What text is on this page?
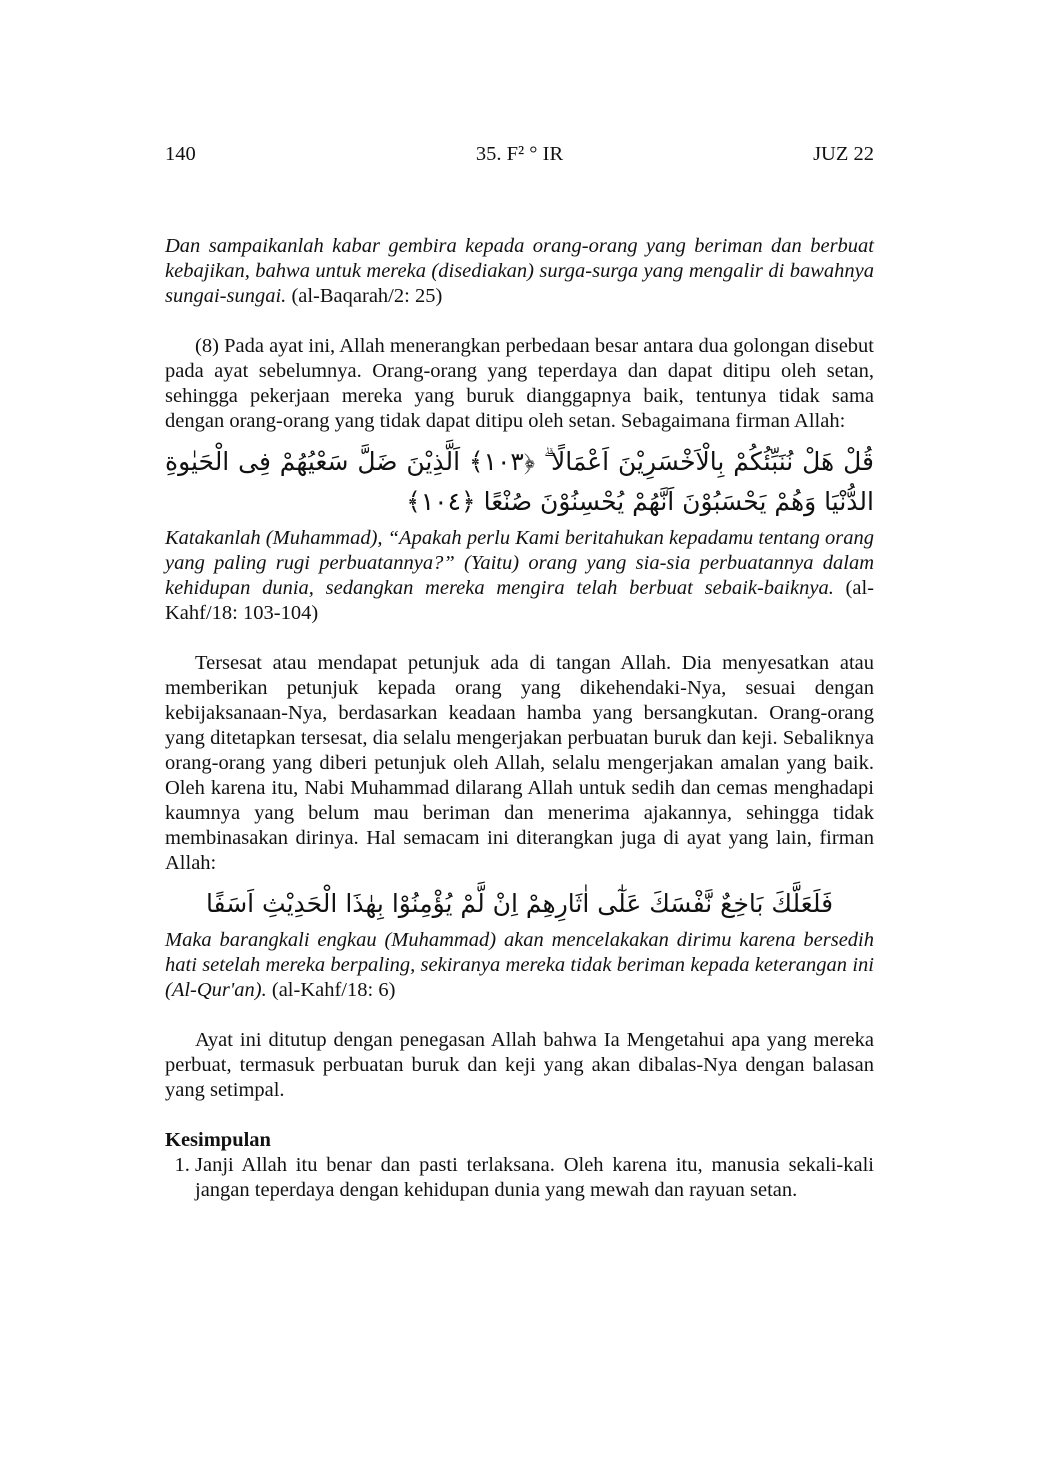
140	35. F² ° IR	JUZ 22

Dan sampaikanlah kabar gembira kepada orang-orang yang beriman dan berbuat kebajikan, bahwa untuk mereka (disediakan) surga-surga yang mengalir di bawahnya sungai-sungai. (al-Baqarah/2: 25)

(8) Pada ayat ini, Allah menerangkan perbedaan besar antara dua golongan disebut pada ayat sebelumnya. Orang-orang yang teperdaya dan dapat ditipu oleh setan, sehingga pekerjaan mereka yang buruk dianggapnya baik, tentunya tidak sama dengan orang-orang yang tidak dapat ditipu oleh setan. Sebagaimana firman Allah:

قُلْ هَلْ نُنَبِّئُكُمْ بِالْاَخْسَرِيْنَ اَعْمَالًا ۗ ﴿١٠٣﴾ اَلَّذِيْنَ ضَلَّ سَعْيُهُمْ فِى الْحَيٰوةِ الدُّنْيَا وَهُمْ يَحْسَبُوْنَ اَنَّهُمْ يُحْسِنُوْنَ صُنْعًا ﴿١٠٤﴾

Katakanlah (Muhammad), “Apakah perlu Kami beritahukan kepadamu tentang orang yang paling rugi perbuatannya?” (Yaitu) orang yang sia-sia perbuatannya dalam kehidupan dunia, sedangkan mereka mengira telah berbuat sebaik-baiknya. (al-Kahf/18: 103-104)

Tersesat atau mendapat petunjuk ada di tangan Allah. Dia menyesatkan atau memberikan petunjuk kepada orang yang dikehendaki-Nya, sesuai dengan kebijaksanaan-Nya, berdasarkan keadaan hamba yang bersangkutan. Orang-orang yang ditetapkan tersesat, dia selalu mengerjakan perbuatan buruk dan keji. Sebaliknya orang-orang yang diberi petunjuk oleh Allah, selalu mengerjakan amalan yang baik. Oleh karena itu, Nabi Muhammad dilarang Allah untuk sedih dan cemas menghadapi kaumnya yang belum mau beriman dan menerima ajakannya, sehingga tidak membinasakan dirinya. Hal semacam ini diterangkan juga di ayat yang lain, firman Allah:

فَلَعَلَّكَ بَاخِعٌ نَّفْسَكَ عَلٰٓى اٰثَارِهِمْ اِنْ لَّمْ يُؤْمِنُوْا بِهٰذَا الْحَدِيْثِ اَسَفًا

Maka barangkali engkau (Muhammad) akan mencelakakan dirimu karena bersedih hati setelah mereka berpaling, sekiranya mereka tidak beriman kepada keterangan ini (Al-Qur'an). (al-Kahf/18: 6)

Ayat ini ditutup dengan penegasan Allah bahwa Ia Mengetahui apa yang mereka perbuat, termasuk perbuatan buruk dan keji yang akan dibalas-Nya dengan balasan yang setimpal.

Kesimpulan
1. Janji Allah itu benar dan pasti terlaksana. Oleh karena itu, manusia sekali-kali jangan teperdaya dengan kehidupan dunia yang mewah dan rayuan setan.
